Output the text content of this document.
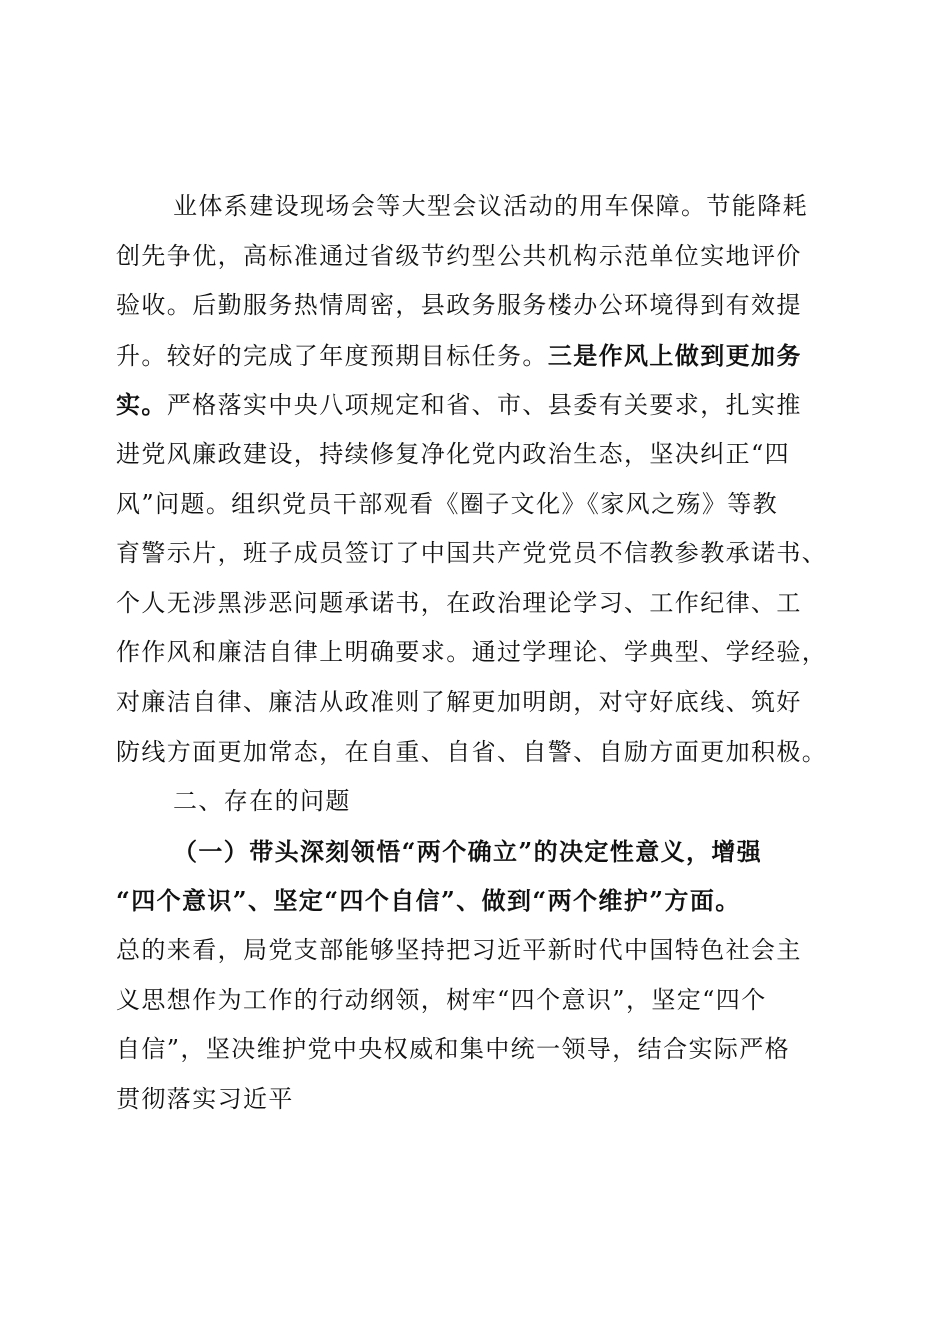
业体系建设现场会等大型会议活动的用车保障。节能降耗
创先争优，高标准通过省级节约型公共机构示范单位实地评价
验收。后勤服务热情周密，县政务服务楼办公环境得到有效提
升。较好的完成了年度预期目标任务。三是作风上做到更加务
实。严格落实中央八项规定和省、市、县委有关要求，扎实推
进党风廉政建设，持续修复净化党内政治生态，坚决纠正“四
风”问题。组织党员干部观看《圈子文化》《家风之殇》等教
育警示片，班子成员签订了中国共产党党员不信教参教承诺书、
个人无涉黑涉恶问题承诺书，在政治理论学习、工作纪律、工
作作风和廉洁自律上明确要求。通过学理论、学典型、学经验，
对廉洁自律、廉洁从政准则了解更加明朗，对守好底线、筑好
防线方面更加常态，在自重、自省、自警、自励方面更加积极。
二、存在的问题
（一）带头深刻领悟“两个确立”的决定性意义，增强
“四个意识”、坚定“四个自信”、做到“两个维护”方面。
总的来看，局党支部能够坚持把习近平新时代中国特色社会主
义思想作为工作的行动纲领，树牢“四个意识”，坚定“四个
自信”，坚决维护党中央权威和集中统一领导，结合实际严格
贯彻落实习近平
